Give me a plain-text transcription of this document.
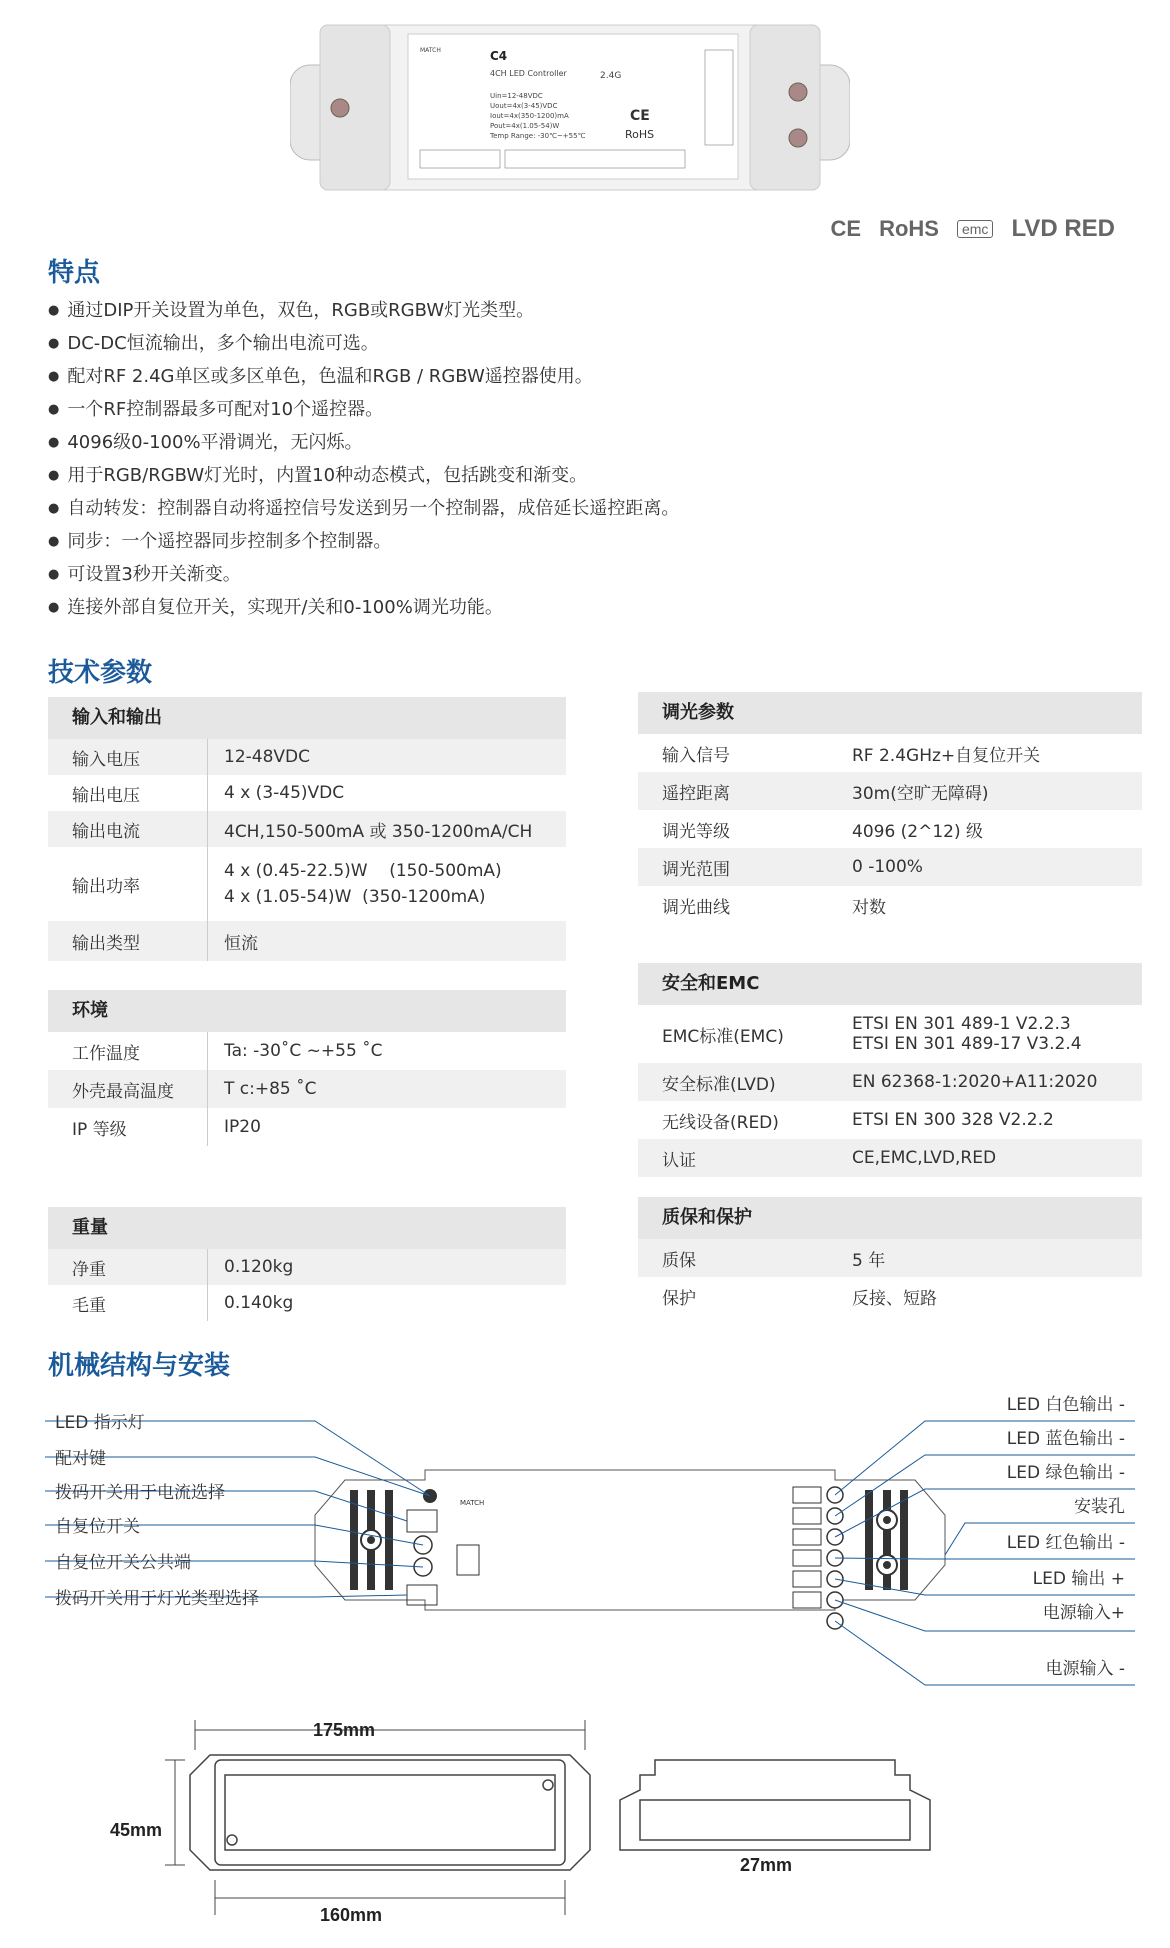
C4
4CH LED Controller	2.4G
Uin=12-48VDC
Uout=4x(3-45)VDC
Iout=4x(350-1200)mA
Pout=4x(1.05-54)W
Temp Range: -30℃~+55℃
CE
RoHS
MATCH
CE RoHS	emc LVD RED
特点
● 通过DIP开关设置为单色，双色，RGB或RGBW灯光类型。
● DC-DC恒流输出，多个输出电流可选。
● 配对RF 2.4G单区或多区单色，色温和RGB / RGBW遥控器使用。
● 一个RF控制器最多可配对10个遥控器。
● 4096级0-100%平滑调光，无闪烁。
● 用于RGB/RGBW灯光时，内置10种动态模式，包括跳变和渐变。
● 自动转发：控制器自动将遥控信号发送到另一个控制器，成倍延长遥控距离。
● 同步：一个遥控器同步控制多个控制器。
● 可设置3秒开关渐变。
● 连接外部自复位开关，实现开/关和0-100%调光功能。
技术参数
输入和输出
输入电压	12-48VDC
输出电压	4 x (3-45)VDC
输出电流	4CH,150-500mA 或 350-1200mA/CH
输出功率
4 x (0.45-22.5)W    (150-500mA)
4 x (1.05-54)W  (350-1200mA)
输出类型	恒流
环境
工作温度	Ta: -30˚C ~+55 ˚C
外壳最高温度	T c:+85 ˚C
IP 等级	IP20
重量
净重	0.120kg
毛重	0.140kg
调光参数
输入信号	RF 2.4GHz+自复位开关
遥控距离	30m(空旷无障碍)
调光等级	4096 (2^12) 级
调光范围	0 -100%
调光曲线	对数
安全和EMC
EMC标准(EMC)
ETSI EN 301 489-1 V2.2.3
ETSI EN 301 489-17 V3.2.4
安全标准(LVD)	EN 62368-1:2020+A11:2020
无线设备(RED)	ETSI EN 300 328 V2.2.2
认证	CE,EMC,LVD,RED
质保和保护
质保	5 年
保护	反接、短路
机械结构与安装
MATCH
LED 指示灯
配对键
拨码开关用于电流选择
自复位开关
自复位开关公共端
拨码开关用于灯光类型选择
LED 白色输出 -
LED 蓝色输出 -
LED 绿色输出 -
安装孔
LED 红色输出 -
LED 输出 +
电源输入+
电源输入 -
175mm
160mm
45mm
27mm
